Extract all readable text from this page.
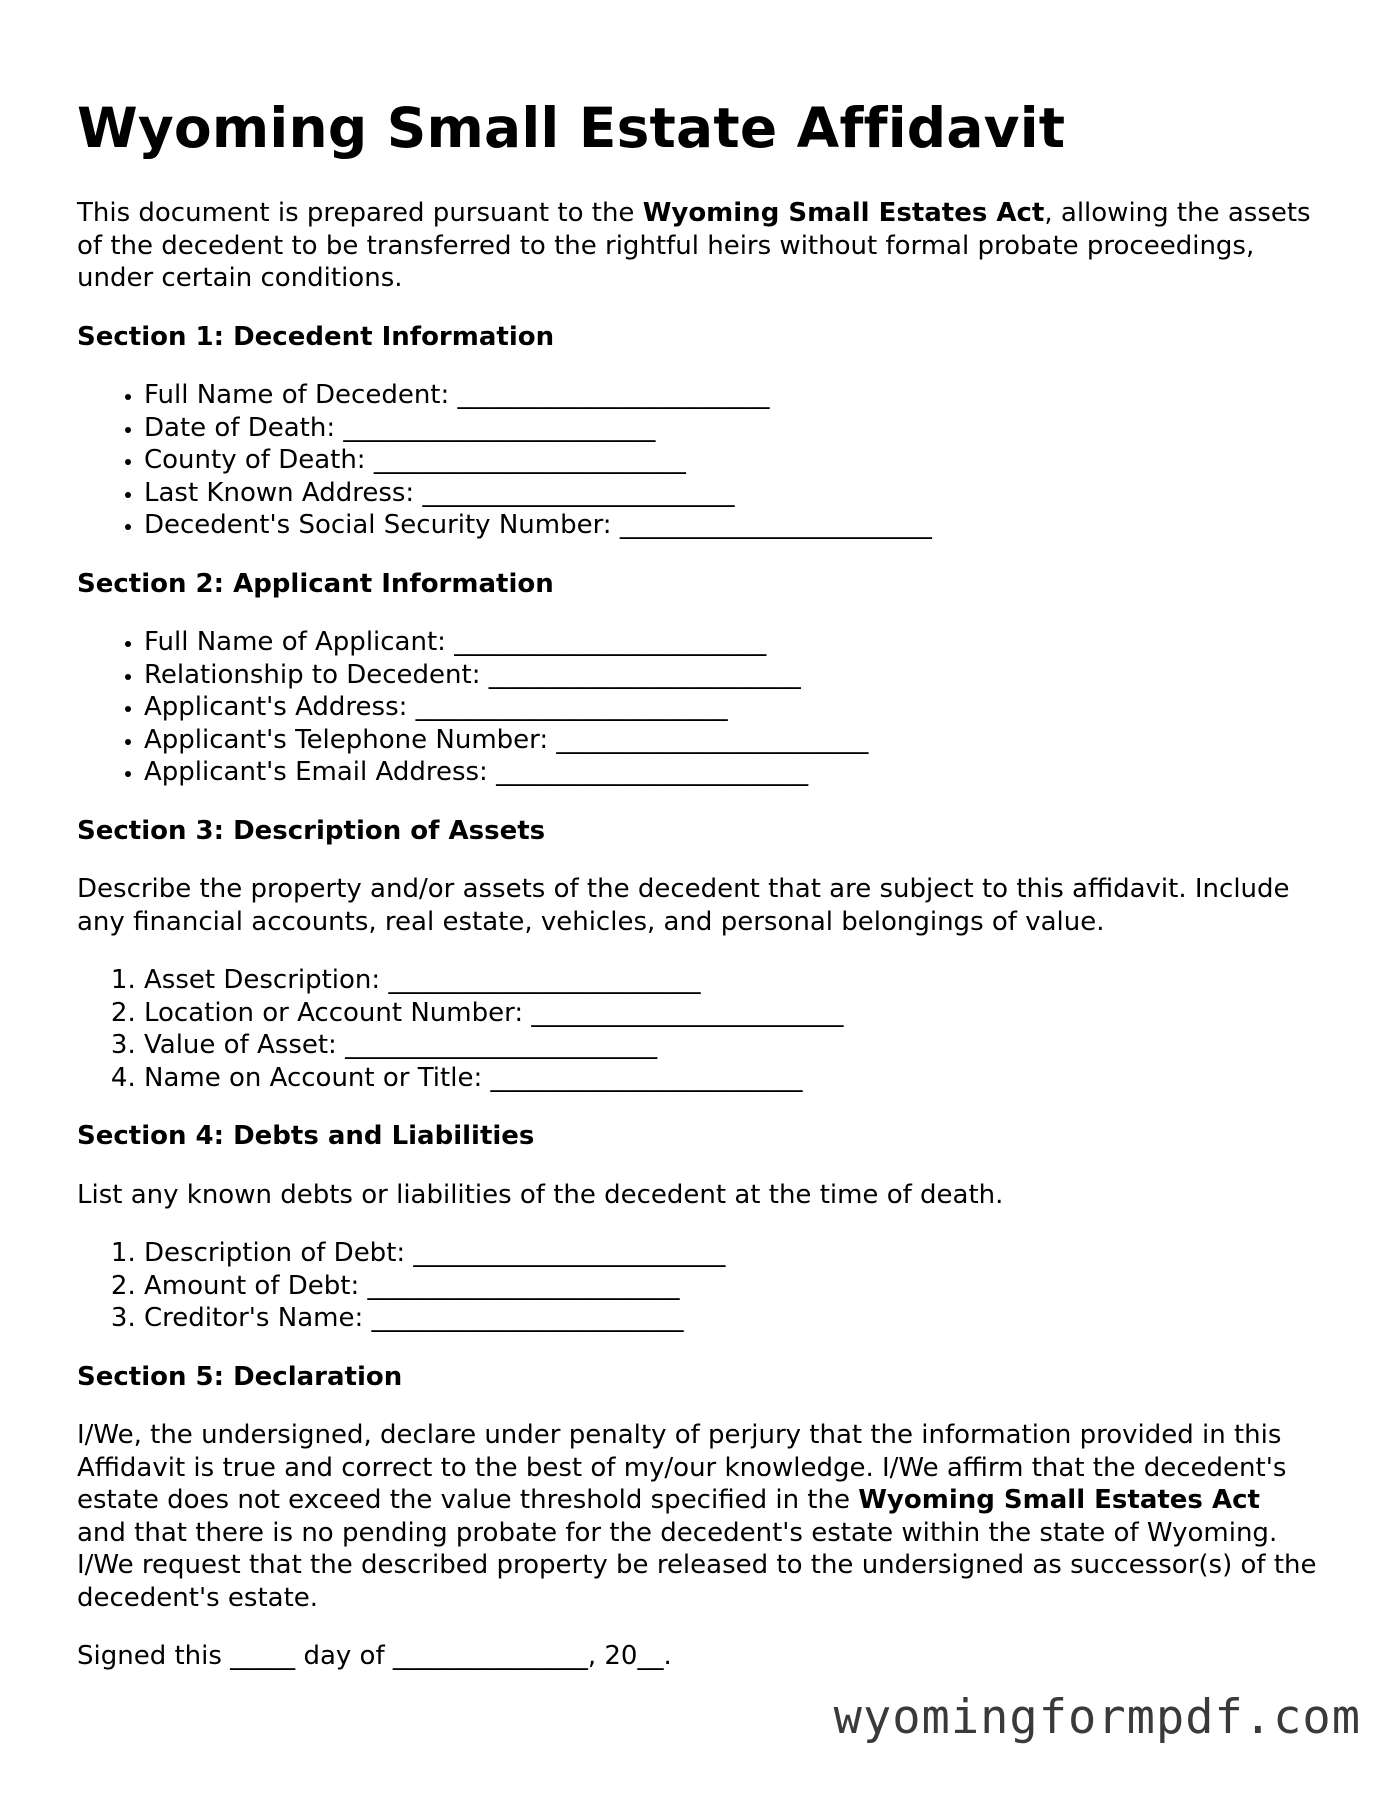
Wyoming Small Estate Affidavit

This document is prepared pursuant to the Wyoming Small Estates Act, allowing the assets of the decedent to be transferred to the rightful heirs without formal probate proceedings, under certain conditions.

Section 1: Decedent Information
• Full Name of Decedent: ________________________
• Date of Death: ________________________
• County of Death: ________________________
• Last Known Address: ________________________
• Decedent's Social Security Number: ________________________
Section 2: Applicant Information
• Full Name of Applicant: ________________________
• Relationship to Decedent: ________________________
• Applicant's Address: ________________________
• Applicant's Telephone Number: ________________________
• Applicant's Email Address: ________________________
Section 3: Description of Assets

Describe the property and/or assets of the decedent that are subject to this affidavit. Include any financial accounts, real estate, vehicles, and personal belongings of value.

1. Asset Description: ________________________
2. Location or Account Number: ________________________
3. Value of Asset: ________________________
4. Name on Account or Title: ________________________
Section 4: Debts and Liabilities

List any known debts or liabilities of the decedent at the time of death.

1. Description of Debt: ________________________
2. Amount of Debt: ________________________
3. Creditor's Name: ________________________
Section 5: Declaration

I/We, the undersigned, declare under penalty of perjury that the information provided in this Affidavit is true and correct to the best of my/our knowledge. I/We affirm that the decedent's estate does not exceed the value threshold specified in the Wyoming Small Estates Act and that there is no pending probate for the decedent's estate within the state of Wyoming. I/We request that the described property be released to the undersigned as successor(s) of the decedent's estate.

Signed this _____ day of _______________, 20__.

wyomingformpdf.com
